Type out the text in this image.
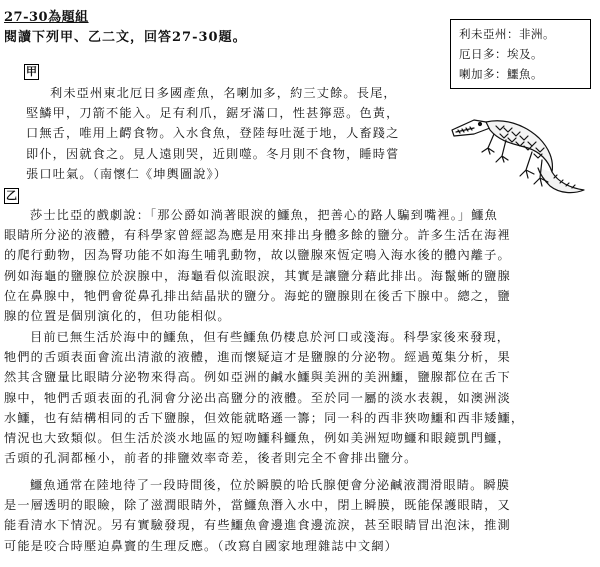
27-30為題組
閱讀下列甲、乙二文，回答27-30題。
甲
利未亞州東北厄日多國產魚，名喇加多，約三丈餘。長尾，
堅鱗甲，刀箭不能入。足有利爪，鋸牙滿口，性甚獰惡。色黃，
口無舌，唯用上齶食物。入水食魚，登陸每吐涎于地，人畜踐之
即仆，因就食之。見人遠則哭，近則噬。冬月則不食物，睡時嘗
張口吐氣。（南懷仁《坤輿圖說》）
利未亞州：非洲。
厄日多：埃及。
喇加多：鱷魚。
乙
莎士比亞的戲劇說：「那公爵如淌著眼淚的鱷魚，把善心的路人騙到嘴裡。」鱷魚
眼睛所分泌的液體，有科學家曾經認為應是用來排出身體多餘的鹽分。許多生活在海裡
的爬行動物，因為腎功能不如海生哺乳動物，故以鹽腺來恆定鳴入海水後的體內離子。
例如海龜的鹽腺位於淚腺中，海龜看似流眼淚，其實是讓鹽分藉此排出。海鬣蜥的鹽腺
位在鼻腺中，牠們會從鼻孔排出結晶狀的鹽分。海蛇的鹽腺則在後舌下腺中。總之，鹽
腺的位置是個別演化的，但功能相似。
目前已無生活於海中的鱷魚，但有些鱷魚仍棲息於河口或淺海。科學家後來發現，
牠們的舌頭表面會流出清澈的液體，進而懷疑這才是鹽腺的分泌物。經過蒐集分析，果
然其含鹽量比眼睛分泌物來得高。例如亞洲的鹹水鱷與美洲的美洲鱷，鹽腺都位在舌下
腺中，牠們舌頭表面的孔洞會分泌出高鹽分的液體。至於同一屬的淡水表親，如澳洲淡
水鱷，也有結構相同的舌下鹽腺，但效能就略遜一籌；同一科的西非狹吻鱷和西非矮鱷，
情況也大致類似。但生活於淡水地區的短吻鱷科鱷魚，例如美洲短吻鱷和眼鏡凱門鱷，
舌頭的孔洞都極小，前者的排鹽效率奇差，後者則完全不會排出鹽分。
鱷魚通常在陸地待了一段時間後，位於瞬膜的哈氏腺便會分泌鹹液潤滑眼睛。瞬膜
是一層透明的眼瞼，除了滋潤眼睛外，當鱷魚潛入水中，閉上瞬膜，既能保護眼睛，又
能看清水下情況。另有實驗發現，有些鱷魚會邊進食邊流淚，甚至眼睛冒出泡沫，推測
可能是咬合時壓迫鼻竇的生理反應。（改寫自國家地理雜誌中文網）
